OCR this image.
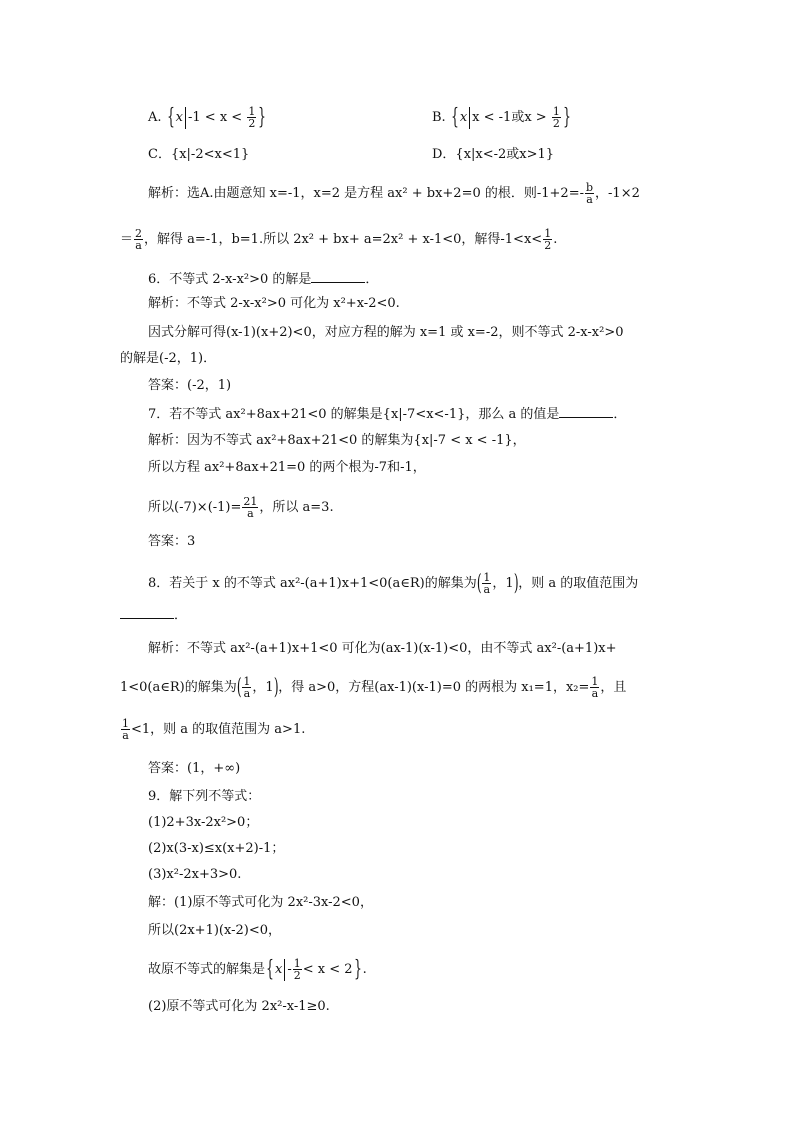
A. {x $-1 < x < \frac{1}{2}$ }	B. {x x < -1或$x > \frac{1}{2}$ }
C．{x|-2<x<1}	D．{x|x<-2或x>1}
解析：选A.由题意知 x=-1，x=2 是方程 ax² + bx+2=0 的根．则$-1+2=- \frac{b}{a}$ ，-1×2
＝ $\frac{2}{a}$ ，解得 a=-1，b=1.所以 2x² + bx+ a=2x² + x-1<0，解得$-1<x< \frac{1}{2}$ .
6．不等式 2-x-x²>0 的解是	．
解析：不等式 2-x-x²>0 可化为 x²+x-2<0.
因式分解可得(x-1)(x+2)<0，对应方程的解为 x=1 或 x=-2，则不等式 2-x-x²>0
的解是(-2，1)．
答案：(-2，1)
7．若不等式 ax²+8ax+21<0 的解集是{x|-7<x<-1}，那么 a 的值是	．
解析：因为不等式 ax²+8ax+21<0 的解集为{x|-7 < x < -1}，
所以方程 ax²+8ax+21=0 的两个根为-7和-1，
所以$(-7)\times(-1)= \frac{21}{a}$ ，所以 a=3.
答案：3
8．若关于 x 的不等式 ax²-(a+1)x+1<0(a∈R)的解集为( $\frac{1}{a}$ ，1)，则 a 的取值范围为
．
解析：不等式 ax²-(a+1)x+1<0 可化为(ax-1)(x-1)<0，由不等式 ax²-(a+1)x+
1<0(a∈R)的解集为( $\frac{1}{a}$ ，1)，得 a>0，方程(ax-1)(x-1)=0 的两根为 x₁=1，$x_2= \frac{1}{a}$ ，且
$\frac{1}{a} <1$，则 a 的取值范围为 a>1.
答案：(1，+∞)
9．解下列不等式：
(1)2+3x-2x²>0；
(2)x(3-x)≤x(x+2)-1；
(3)x²-2x+3>0.
解：(1)原不等式可化为 2x²-3x-2<0，
所以(2x+1)(x-2)<0，
故原不等式的解集是$\{x - \frac{1}{2} < x < 2\}$.
(2)原不等式可化为 2x²-x-1≥0.
